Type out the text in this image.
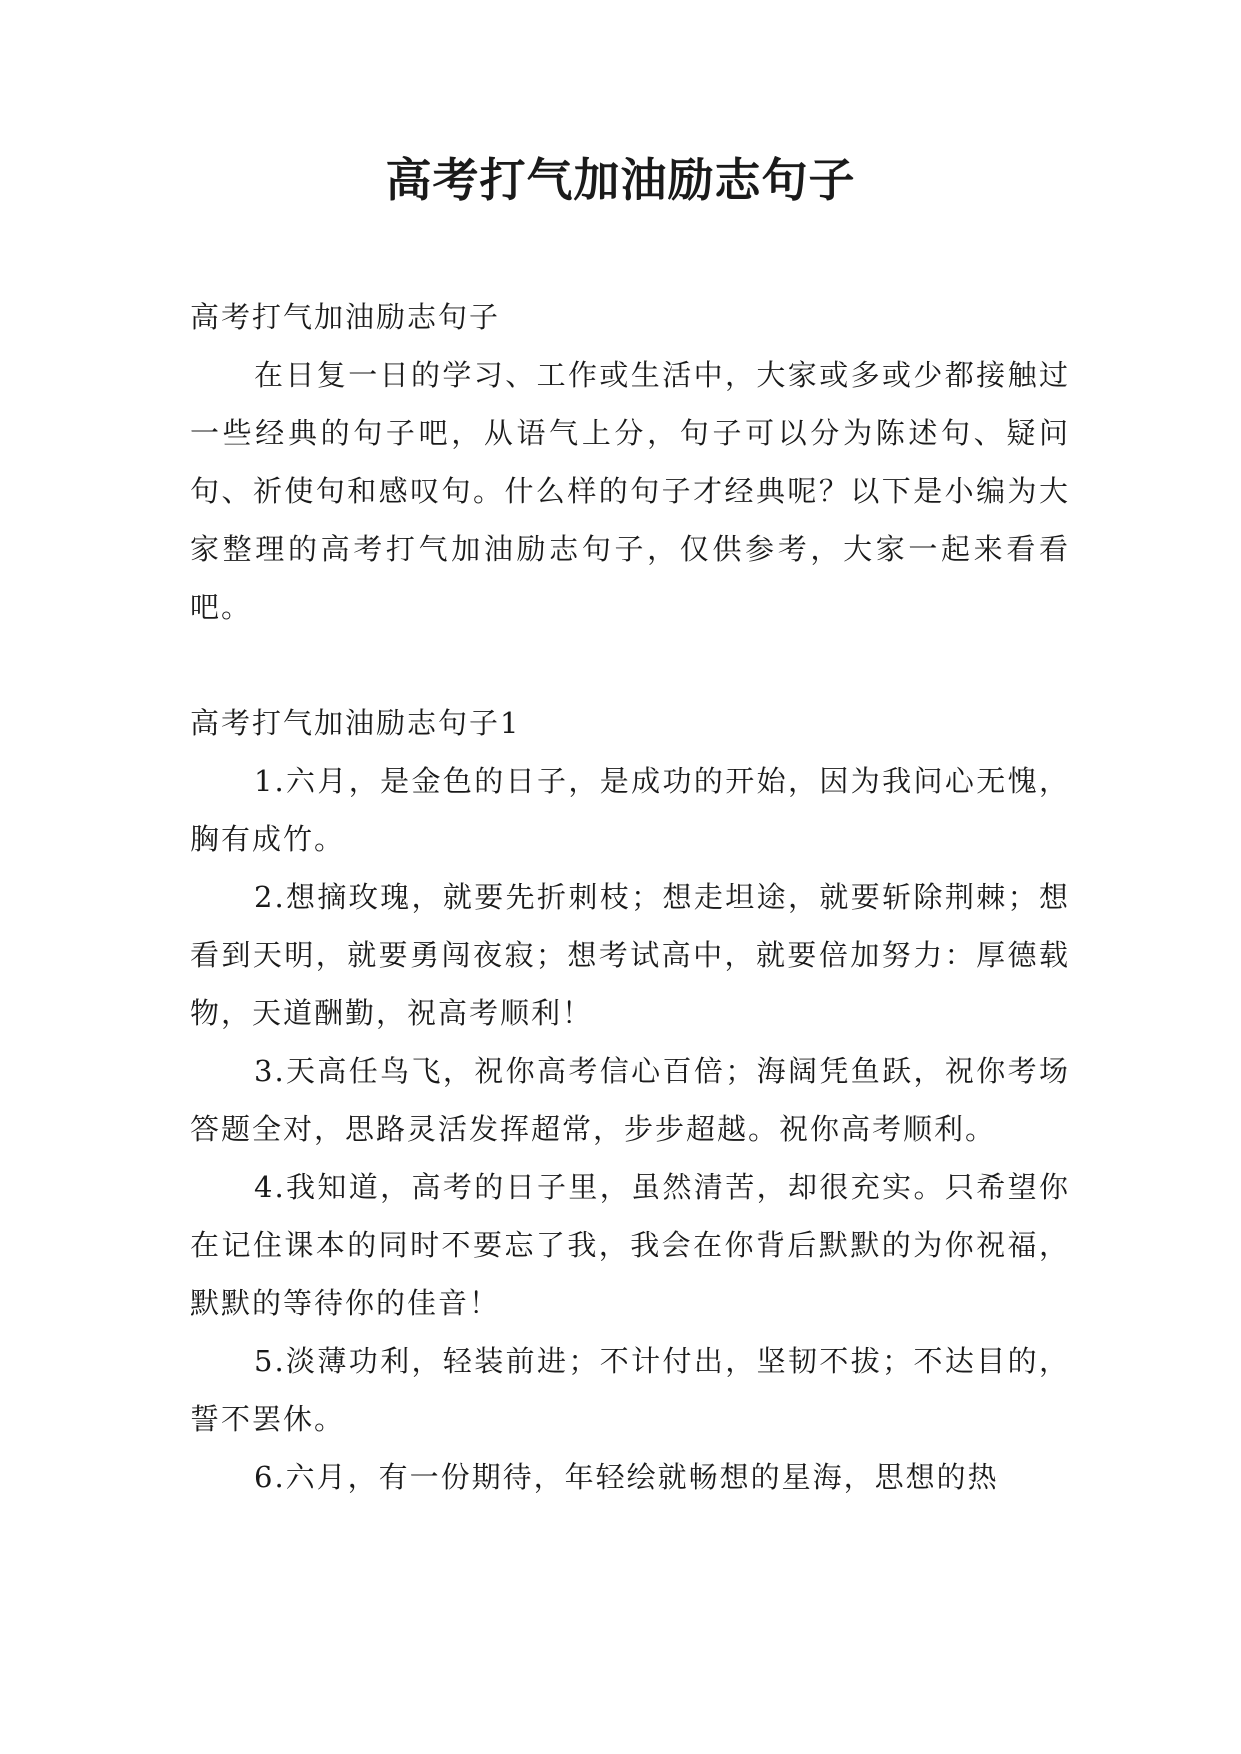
高考打气加油励志句子

高考打气加油励志句子

在日复一日的学习、工作或生活中，大家或多或少都接触过一些经典的句子吧，从语气上分，句子可以分为陈述句、疑问句、祈使句和感叹句。什么样的句子才经典呢？以下是小编为大家整理的高考打气加油励志句子，仅供参考，大家一起来看看吧。

高考打气加油励志句子1

1.六月，是金色的日子，是成功的开始，因为我问心无愧，胸有成竹。

2.想摘玫瑰，就要先折刺枝；想走坦途，就要斩除荆棘；想看到天明，就要勇闯夜寂；想考试高中，就要倍加努力：厚德载物，天道酬勤，祝高考顺利！

3.天高任鸟飞，祝你高考信心百倍；海阔凭鱼跃，祝你考场答题全对，思路灵活发挥超常，步步超越。祝你高考顺利。

4.我知道，高考的日子里，虽然清苦，却很充实。只希望你在记住课本的同时不要忘了我，我会在你背后默默的为你祝福，默默的等待你的佳音！

5.淡薄功利，轻装前进；不计付出，坚韧不拔；不达目的，誓不罢休。

6.六月，有一份期待，年轻绘就畅想的星海，思想的热
